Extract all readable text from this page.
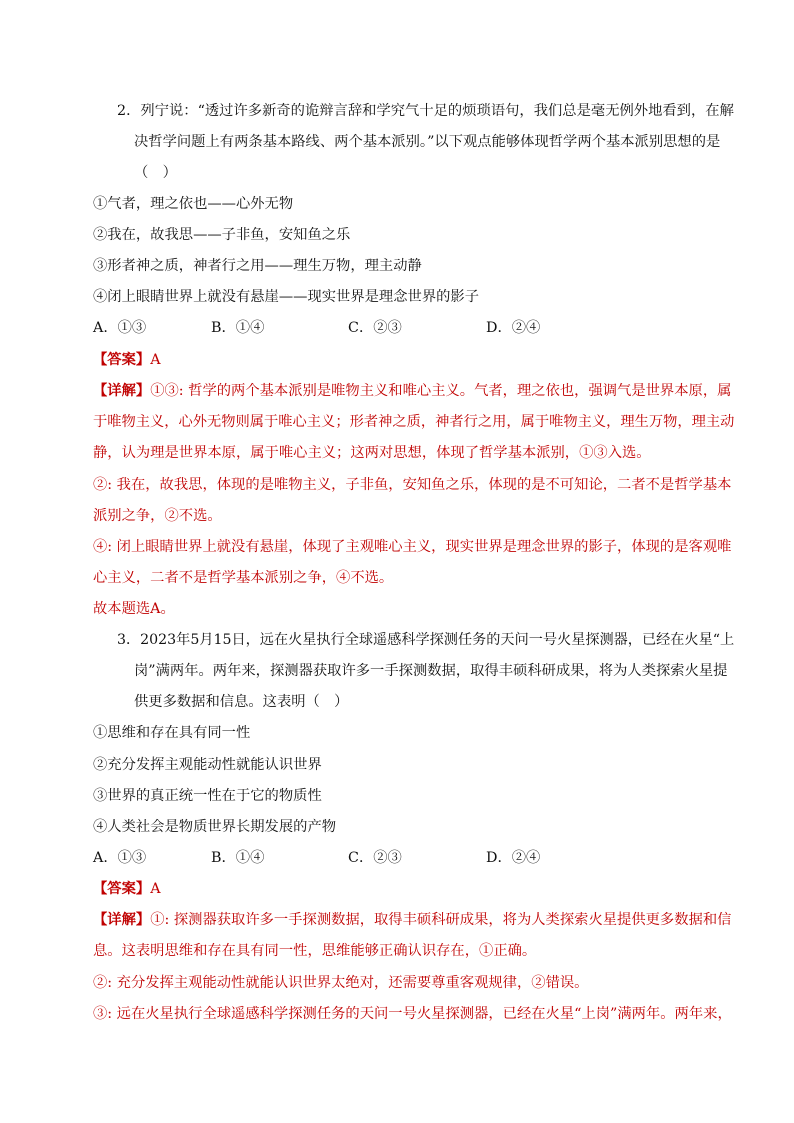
2．列宁说：“透过许多新奇的诡辩言辞和学究气十足的烦琐语句，我们总是毫无例外地看到，在解
决哲学问题上有两条基本路线、两个基本派别。”以下观点能够体现哲学两个基本派别思想的是
（　）
①气者，理之依也——心外无物
②我在，故我思——子非鱼，安知鱼之乐
③形者神之质，神者行之用——理生万物，理主动静
④闭上眼睛世界上就没有悬崖——现实世界是理念世界的影子
A．①③	B．①④	C．②③	D．②④
【答案】A
【详解】①③: 哲学的两个基本派别是唯物主义和唯心主义。气者，理之依也，强调气是世界本原，属
于唯物主义，心外无物则属于唯心主义；形者神之质，神者行之用，属于唯物主义，理生万物，理主动
静，认为理是世界本原，属于唯心主义；这两对思想，体现了哲学基本派别，①③入选。
②: 我在，故我思，体现的是唯物主义，子非鱼，安知鱼之乐，体现的是不可知论，二者不是哲学基本
派别之争，②不选。
④: 闭上眼睛世界上就没有悬崖，体现了主观唯心主义，现实世界是理念世界的影子，体现的是客观唯
心主义，二者不是哲学基本派别之争，④不选。
故本题选A。
3．2023年5月15日，远在火星执行全球遥感科学探测任务的天问一号火星探测器，已经在火星“上
岗”满两年。两年来，探测器获取许多一手探测数据，取得丰硕科研成果，将为人类探索火星提
供更多数据和信息。这表明（　）
①思维和存在具有同一性
②充分发挥主观能动性就能认识世界
③世界的真正统一性在于它的物质性
④人类社会是物质世界长期发展的产物
A．①③	B．①④	C．②③	D．②④
【答案】A
【详解】①: 探测器获取许多一手探测数据，取得丰硕科研成果，将为人类探索火星提供更多数据和信
息。这表明思维和存在具有同一性，思维能够正确认识存在，①正确。
②: 充分发挥主观能动性就能认识世界太绝对，还需要尊重客观规律，②错误。
③: 远在火星执行全球遥感科学探测任务的天问一号火星探测器，已经在火星“上岗”满两年。两年来，
